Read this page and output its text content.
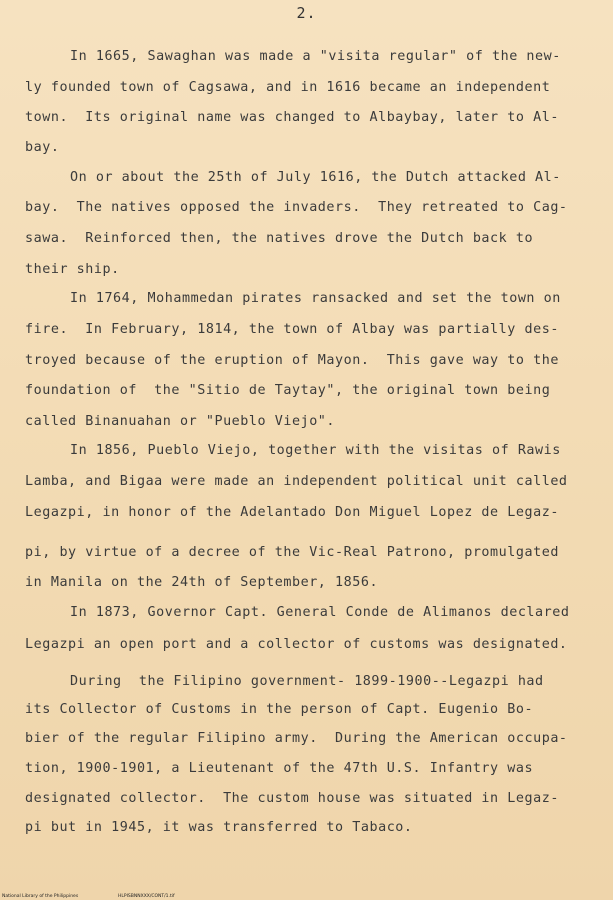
2.
In 1665, Sawaghan was made a "visita regular" of the new-
ly founded town of Cagsawa, and in 1616 became an independent
town.  Its original name was changed to Albaybay, later to Al-
bay.
On or about the 25th of July 1616, the Dutch attacked Al-
bay.  The natives opposed the invaders.  They retreated to Cag-
sawa.  Reinforced then, the natives drove the Dutch back to
their ship.
In 1764, Mohammedan pirates ransacked and set the town on
fire.  In February, 1814, the town of Albay was partially des-
troyed because of the eruption of Mayon.  This gave way to the
foundation of  the "Sitio de Taytay", the original town being
called Binanuahan or "Pueblo Viejo".
In 1856, Pueblo Viejo, together with the visitas of Rawis
Lamba, and Bigaa were made an independent political unit called
Legazpi, in honor of the Adelantado Don Miguel Lopez de Legaz-
pi, by virtue of a decree of the Vic-Real Patrono, promulgated
in Manila on the 24th of September, 1856.
In 1873, Governor Capt. General Conde de Alimanos declared
Legazpi an open port and a collector of customs was designated.
During  the Filipino government- 1899-1900--Legazpi had
its Collector of Customs in the person of Capt. Eugenio Bo-
bier of the regular Filipino army.  During the American occupa-
tion, 1900-1901, a Lieutenant of the 47th U.S. Infantry was
designated collector.  The custom house was situated in Legaz-
pi but in 1945, it was transferred to Tabaco.
National Library of the Philippines	HLPISBNNXXX/CONT/1.tif
